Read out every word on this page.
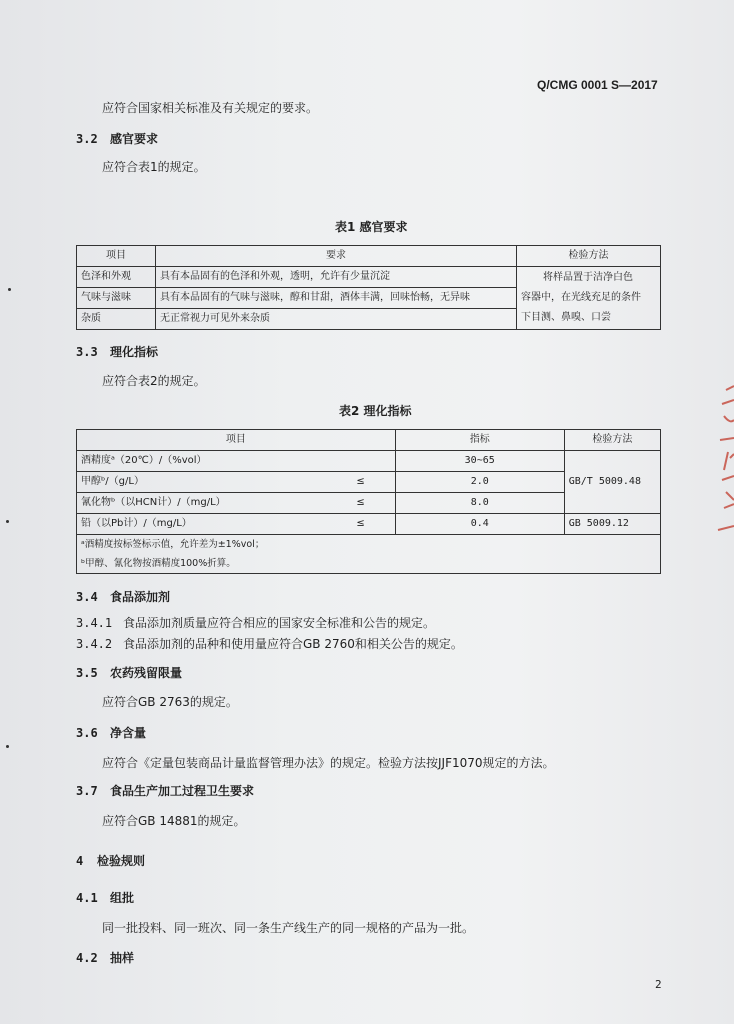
Q/CMG 0001 S—2017
应符合国家相关标准及有关规定的要求。
3.2 感官要求
应符合表1的规定。
表1 感官要求
项目	要求	检验方法
色泽和外观	具有本品固有的色泽和外观，透明，允许有少量沉淀	将样品置于洁净白色
容器中，在光线充足的条件
下目测、鼻嗅、口尝

气味与滋味	具有本品固有的气味与滋味，醇和甘甜，酒体丰满，回味怡畅，无异味	
杂质	无正常视力可见外来杂质	
3.3 理化指标
应符合表2的规定。
表2 理化指标
项目		指标	检验方法
酒精度ᵃ（20℃）/（%vol）		30~65	GB/T 5009.48
甲醇ᵇ/（g/L）	≤	2.0	
氰化物ᵇ（以HCN计）/（mg/L）	≤	8.0	
铅（以Pb计）/（mg/L）	≤	0.4	GB 5009.12

ᵃ酒精度按标签标示值，允许差为±1%vol；
ᵇ甲醇、氰化物按酒精度100%折算。			
3.4 食品添加剂
3.4.1 食品添加剂质量应符合相应的国家安全标准和公告的规定。
3.4.2 食品添加剂的品种和使用量应符合GB 2760和相关公告的规定。
3.5 农药残留限量
应符合GB 2763的规定。
3.6 净含量
应符合《定量包装商品计量监督管理办法》的规定。检验方法按JJF1070规定的方法。
3.7 食品生产加工过程卫生要求
应符合GB 14881的规定。
4 检验规则
4.1 组批
同一批投料、同一班次、同一条生产线生产的同一规格的产品为一批。
4.2 抽样
2
